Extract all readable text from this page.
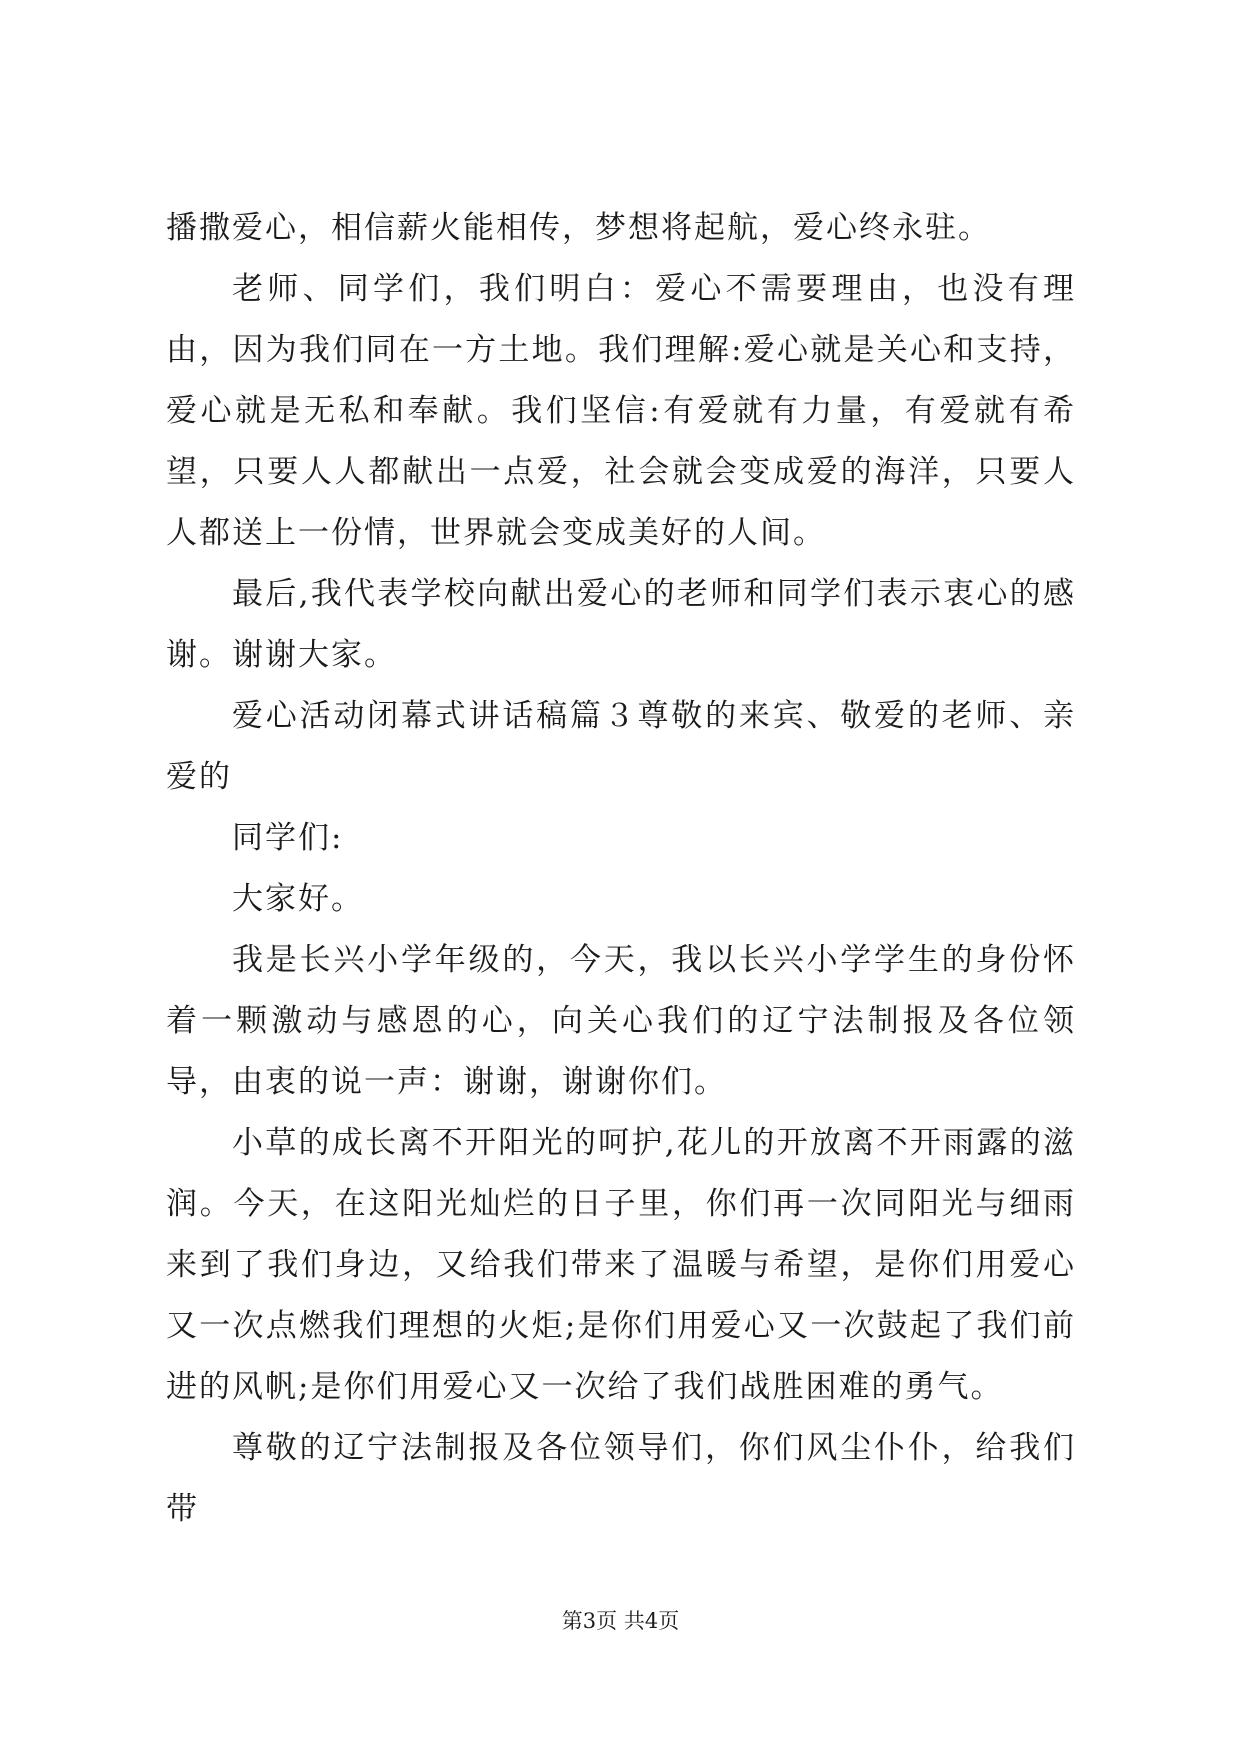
播撒爱心，相信薪火能相传，梦想将起航，爱心终永驻。

老师、同学们，我们明白：爱心不需要理由，也没有理由，因为我们同在一方土地。我们理解:爱心就是关心和支持，爱心就是无私和奉献。我们坚信:有爱就有力量，有爱就有希望，只要人人都献出一点爱，社会就会变成爱的海洋，只要人人都送上一份情，世界就会变成美好的人间。

最后,我代表学校向献出爱心的老师和同学们表示衷心的感谢。谢谢大家。

爱心活动闭幕式讲话稿篇３尊敬的来宾、敬爱的老师、亲爱的

同学们:

大家好。

我是长兴小学年级的，今天，我以长兴小学学生的身份怀着一颗激动与感恩的心，向关心我们的辽宁法制报及各位领导，由衷的说一声：谢谢，谢谢你们。

小草的成长离不开阳光的呵护,花儿的开放离不开雨露的滋润。今天，在这阳光灿烂的日子里，你们再一次同阳光与细雨来到了我们身边，又给我们带来了温暖与希望，是你们用爱心又一次点燃我们理想的火炬;是你们用爱心又一次鼓起了我们前进的风帆;是你们用爱心又一次给了我们战胜困难的勇气。

尊敬的辽宁法制报及各位领导们，你们风尘仆仆，给我们带

第3页 共4页
